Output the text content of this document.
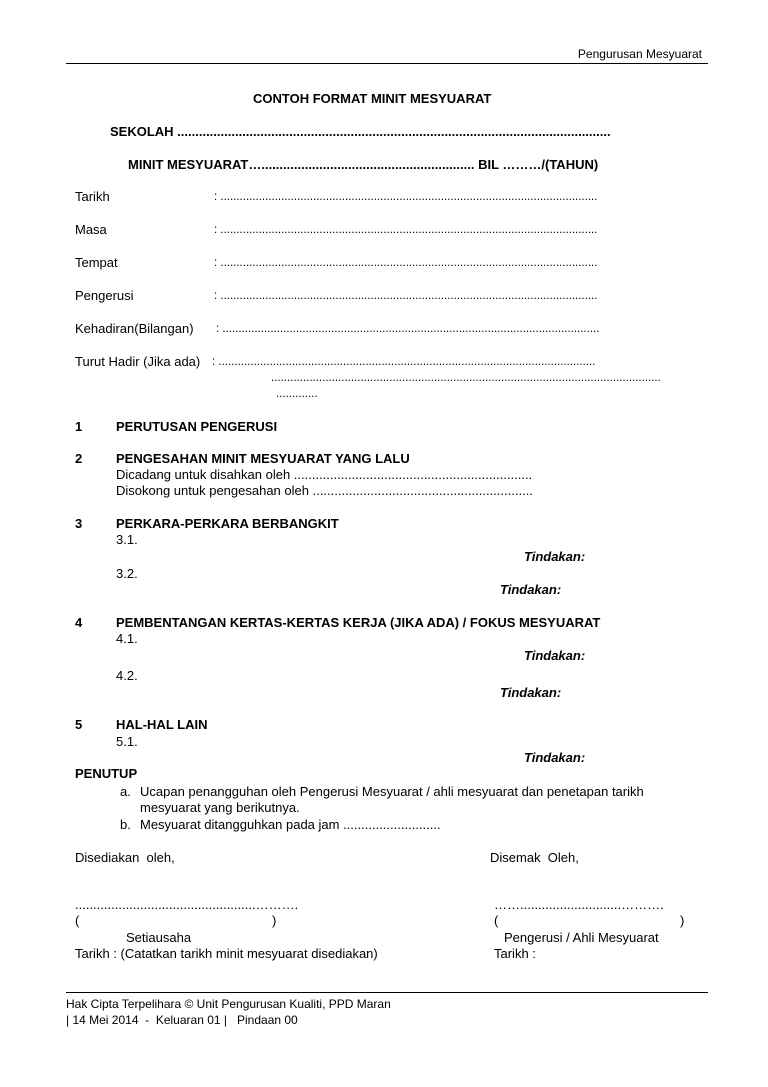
Pengurusan Mesyuarat
CONTOH FORMAT MINIT MESYUARAT
SEKOLAH ........................................................................................................................
MINIT MESYUARAT…........................................................... BIL ………/(TAHUN)
Tarikh	: ......................................................................................................................
Masa	: ......................................................................................................................
Tempat	: ......................................................................................................................
Pengerusi	: ......................................................................................................................
Kehadiran(Bilangan) : ......................................................................................................................
Turut Hadir (Jika ada) : ......................................................................................................................
..........................................................................................................................
.............
1	PERUTUSAN PENGERUSI
2	PENGESAHAN MINIT MESYUARAT YANG LALU
Dicadang untuk disahkan oleh ..................................................................
Disokong untuk pengesahan oleh .............................................................
3	PERKARA-PERKARA BERBANGKIT
3.1.
Tindakan:
3.2.
Tindakan:
4	PEMBENTANGAN KERTAS-KERTAS KERJA (JIKA ADA) / FOKUS MESYUARAT
4.1.
Tindakan:
4.2.
Tindakan:
5	HAL-HAL LAIN
5.1.
Tindakan:
PENUTUP
a. Ucapan penangguhan oleh Pengerusi Mesyuarat / ahli mesyuarat dan penetapan tarikh
mesyuarat yang berikutnya.
b. Mesyuarat ditangguhkan pada jam ...........................
Disediakan  oleh,
..................................................……….
(	)
Setiausaha
Tarikh : (Catatkan tarikh minit mesyuarat disediakan)
Disemak  Oleh,
……............................……….
(	)
Pengerusi / Ahli Mesyuarat
Tarikh :
Hak Cipta Terpelihara © Unit Pengurusan Kualiti, PPD Maran
| 14 Mei 2014  -  Keluaran 01 |   Pindaan 00
